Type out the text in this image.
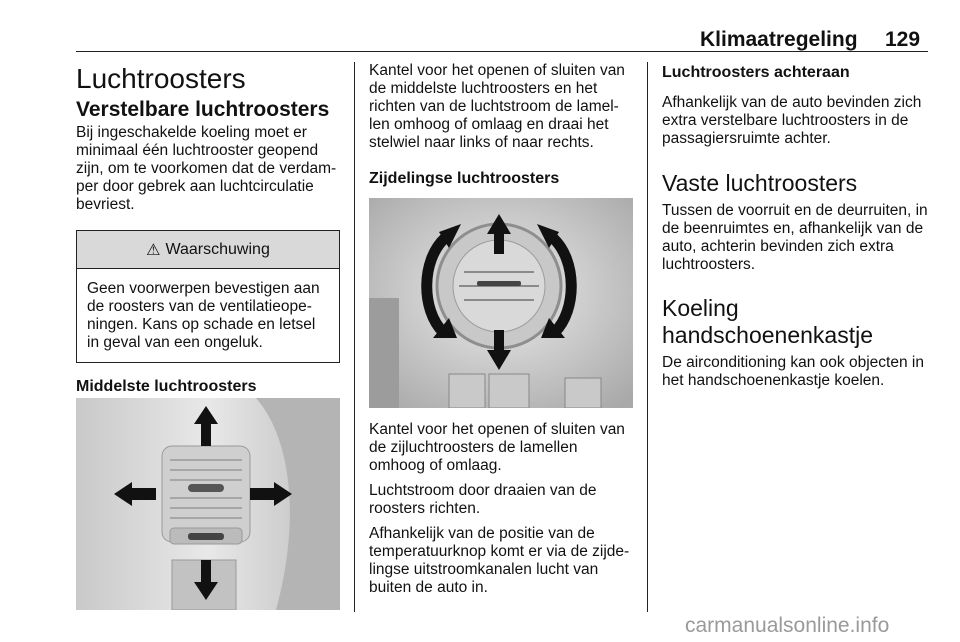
Klimaatregeling 129
Luchtroosters
Verstelbare luchtroosters

Bij ingeschakelde koeling moet er minimaal één luchtrooster geopend zijn, om te voorkomen dat de verdam-per door gebrek aan luchtcirculatie bevriest.

⚠ Waarschuwing

Geen voorwerpen bevestigen aan de roosters van de ventilatieope-ningen. Kans op schade en letsel in geval van een ongeluk.

Middelste luchtroosters

Kantel voor het openen of sluiten van de middelste luchtroosters en het richten van de luchtstroom de lamel-len omhoog of omlaag en draai het stelwiel naar links of naar rechts.

Zijdelingse luchtroosters

Kantel voor het openen of sluiten van de zijluchtroosters de lamellen omhoog of omlaag.

Luchtstroom door draaien van de roosters richten.

Afhankelijk van de positie van de temperatuurknop komt er via de zijde-lingse uitstroomkanalen lucht van buiten de auto in.

Luchtroosters achteraan

Afhankelijk van de auto bevinden zich extra verstelbare luchtroosters in de passagiersruimte achter.

Vaste luchtroosters

Tussen de voorruit en de deurruiten, in de beenruimtes en, afhankelijk van de auto, achterin bevinden zich extra luchtroosters.

Koeling handschoenenkastje

De airconditioning kan ook objecten in het handschoenenkastje koelen.

carmanualsonline.info
